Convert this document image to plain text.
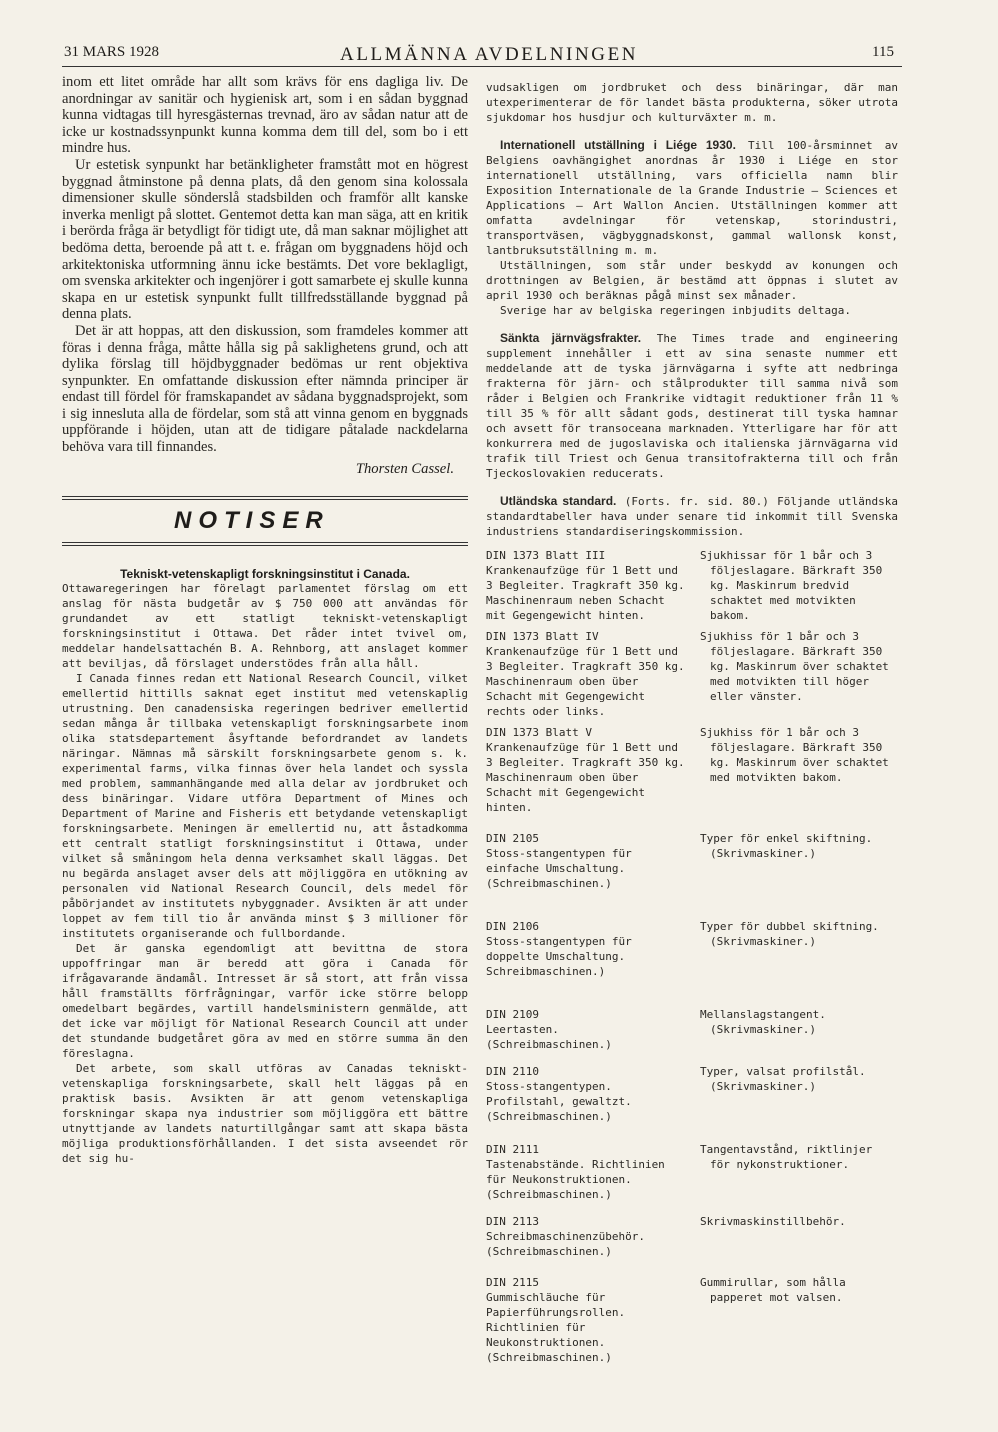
31 MARS 1928	ALLMÄNNA AVDELNINGEN	115

inom ett litet område har allt som krävs för ens dagliga liv. De anordningar av sanitär och hygienisk art, som i en sådan byggnad kunna vidtagas till hyresgästernas trevnad, äro av sådan natur att de icke ur kostnadssynpunkt kunna komma dem till del, som bo i ett mindre hus.

Ur estetisk synpunkt har betänkligheter framstått mot en högrest byggnad åtminstone på denna plats, då den genom sina kolossala dimensioner skulle sönderslå stadsbilden och framför allt kanske inverka menligt på slottet. Gentemot detta kan man säga, att en kritik i berörda fråga är betydligt för tidigt ute, då man saknar möjlighet att bedöma detta, beroende på att t. e. frågan om byggnadens höjd och arkitektoniska utformning ännu icke bestämts. Det vore beklagligt, om svenska arkitekter och ingenjörer i gott samarbete ej skulle kunna skapa en ur estetisk synpunkt fullt tillfredsställande byggnad på denna plats.

Det är att hoppas, att den diskussion, som framdeles kommer att föras i denna fråga, måtte hålla sig på saklighetens grund, och att dylika förslag till höjdbyggnader bedömas ur rent objektiva synpunkter. En omfattande diskussion efter nämnda principer är endast till fördel för framskapandet av sådana byggnadsprojekt, som i sig innesluta alla de fördelar, som stå att vinna genom en byggnads uppförande i höjden, utan att de tidigare påtalade nackdelarna behöva vara till finnandes.

Thorsten Cassel.
NOTISER
Tekniskt-vetenskapligt forskningsinstitut i Canada.

Ottawaregeringen har förelagt parlamentet förslag om ett anslag för nästa budgetår av $ 750 000 att användas för grundandet av ett statligt tekniskt-vetenskapligt forskningsinstitut i Ottawa. Det råder intet tvivel om, meddelar handelsattachén B. A. Rehnborg, att anslaget kommer att beviljas, då förslaget understödes från alla håll.

I Canada finnes redan ett National Research Council, vilket emellertid hittills saknat eget institut med vetenskaplig utrustning. Den canadensiska regeringen bedriver emellertid sedan många år tillbaka vetenskapligt forskningsarbete inom olika statsdepartement åsyftande befordrandet av landets näringar. Nämnas må särskilt forskningsarbete genom s. k. experimental farms, vilka finnas över hela landet och syssla med problem, sammanhängande med alla delar av jordbruket och dess binäringar. Vidare utföra Department of Mines och Department of Marine and Fisheris ett betydande vetenskapligt forskningsarbete. Meningen är emellertid nu, att åstadkomma ett centralt statligt forskningsinstitut i Ottawa, under vilket så småningom hela denna verksamhet skall läggas. Det nu begärda anslaget avser dels att möjliggöra en utökning av personalen vid National Research Council, dels medel för påbörjandet av institutets nybyggnader. Avsikten är att under loppet av fem till tio år använda minst $ 3 millioner för institutets organiserande och fullbordande.

Det är ganska egendomligt att bevittna de stora uppoffringar man är beredd att göra i Canada för ifrågavarande ändamål. Intresset är så stort, att från vissa håll framställts förfrågningar, varför icke större belopp omedelbart begärdes, vartill handelsministern genmälde, att det icke var möjligt för National Research Council att under det stundande budgetåret göra av med en större summa än den föreslagna.

Det arbete, som skall utföras av Canadas tekniskt-vetenskapliga forskningsarbete, skall helt läggas på en praktisk basis. Avsikten är att genom vetenskapliga forskningar skapa nya industrier som möjliggöra ett bättre utnyttjande av landets naturtillgångar samt att skapa bästa möjliga produktionsförhållanden. I det sista avseendet rör det sig hu-

vudsakligen om jordbruket och dess binäringar, där man utexperimenterar de för landet bästa produkterna, söker utrota sjukdomar hos husdjur och kulturväxter m. m.

Internationell utställning i Liége 1930. Till 100-årsminnet av Belgiens oavhängighet anordnas år 1930 i Liége en stor internationell utställning, vars officiella namn blir Exposition Internationale de la Grande Industrie — Sciences et Applications — Art Wallon Ancien. Utställningen kommer att omfatta avdelningar för vetenskap, storindustri, transportväsen, vägbyggnadskonst, gammal wallonsk konst, lantbruksutställning m. m.

Utställningen, som står under beskydd av konungen och drottningen av Belgien, är bestämd att öppnas i slutet av april 1930 och beräknas pågå minst sex månader.

Sverige har av belgiska regeringen inbjudits deltaga.

Sänkta järnvägsfrakter. The Times trade and engineering supplement innehåller i ett av sina senaste nummer ett meddelande att de tyska järnvägarna i syfte att nedbringa frakterna för järn- och stålprodukter till samma nivå som råder i Belgien och Frankrike vidtagit reduktioner från 11 % till 35 % för allt sådant gods, destinerat till tyska hamnar och avsett för transoceana marknaden. Ytterligare har för att konkurrera med de jugoslaviska och italienska järnvägarna vid trafik till Triest och Genua transitofrakterna till och från Tjeckoslovakien reducerats.

Utländska standard. (Forts. fr. sid. 80.) Följande utländska standardtabeller hava under senare tid inkommit till Svenska industriens standardiseringskommission.

DIN 1373 Blatt III
Krankenaufzüge für 1 Bett und 3 Begleiter. Tragkraft 350 kg. Maschinenraum neben Schacht mit Gegengewicht hinten.
Sjukhissar för 1 bår och 3 följeslagare. Bärkraft 350 kg. Maskinrum bredvid schaktet med motvikten bakom.
DIN 1373 Blatt IV
Krankenaufzüge für 1 Bett und 3 Begleiter. Tragkraft 350 kg. Maschinenraum oben über Schacht mit Gegengewicht rechts oder links.
Sjukhiss för 1 bår och 3 följeslagare. Bärkraft 350 kg. Maskinrum över schaktet med motvikten till höger eller vänster.
DIN 1373 Blatt V
Krankenaufzüge für 1 Bett und 3 Begleiter. Tragkraft 350 kg. Maschinenraum oben über Schacht mit Gegengewicht hinten.
Sjukhiss för 1 bår och 3 följeslagare. Bärkraft 350 kg. Maskinrum över schaktet med motvikten bakom.
DIN 2105
Stoss-stangentypen für einfache Umschaltung. (Schreibmaschinen.)
Typer för enkel skiftning. (Skrivmaskiner.)
DIN 2106
Stoss-stangentypen für doppelte Umschaltung. Schreibmaschinen.)
Typer för dubbel skiftning. (Skrivmaskiner.)
DIN 2109
Leertasten. (Schreibmaschinen.)
Mellanslagstangent. (Skrivmaskiner.)
DIN 2110
Stoss-stangentypen. Profilstahl, gewaltzt. (Schreibmaschinen.)
Typer, valsat profilstål. (Skrivmaskiner.)
DIN 2111
Tastenabstände. Richtlinien für Neukonstruktionen. (Schreibmaschinen.)
Tangentavstånd, riktlinjer för nykonstruktioner.
DIN 2113
Schreibmaschinenzübehör. (Schreibmaschinen.)
Skrivmaskinstillbehör.
DIN 2115
Gummischläuche für Papierführungsrollen. Richtlinien für Neukonstruktionen. (Schreibmaschinen.)
Gummirullar, som hålla papperet mot valsen.
